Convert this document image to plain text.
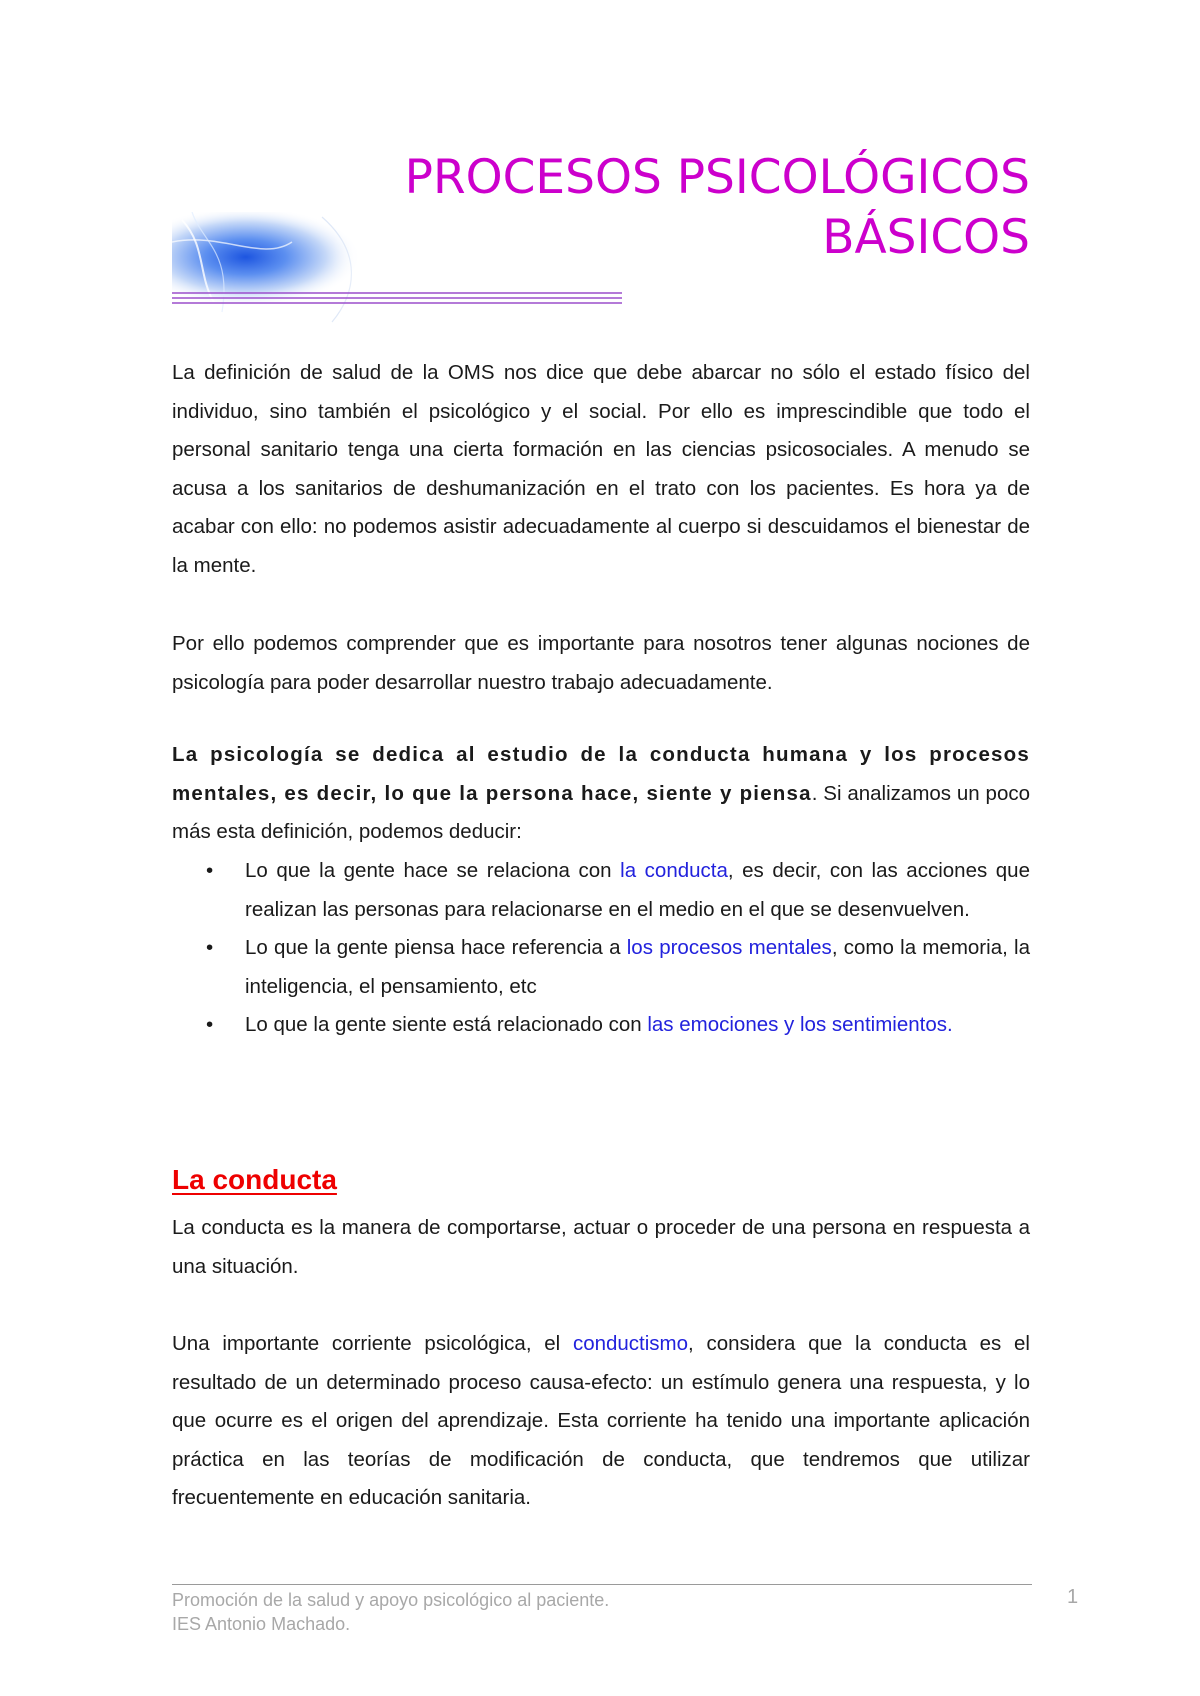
PROCESOS PSICOLÓGICOS
BÁSICOS

La definición de salud de la OMS nos dice que debe abarcar no sólo el estado físico del individuo, sino también el psicológico y el social. Por ello es imprescindible que todo el personal sanitario tenga una cierta formación en las ciencias psicosociales. A menudo se acusa a los sanitarios de deshumanización en el trato con los pacientes. Es hora ya de acabar con ello: no podemos asistir adecuadamente al cuerpo si descuidamos el bienestar de la mente.

Por ello podemos comprender que es importante para nosotros tener algunas nociones de psicología para poder desarrollar nuestro trabajo adecuadamente.

La psicología se dedica al estudio de la conducta humana y los procesos mentales, es decir, lo que la persona hace, siente y piensa. Si analizamos un poco más esta definición, podemos deducir:

• Lo que la gente hace se relaciona con la conducta, es decir, con las acciones que realizan las personas para relacionarse en el medio en el que se desenvuelven.
• Lo que la gente piensa hace referencia a los procesos mentales, como la memoria, la inteligencia, el pensamiento, etc
• Lo que la gente siente está relacionado con las emociones y los sentimientos.
La conducta

La conducta es la manera de comportarse, actuar o proceder de una persona en respuesta a una situación.

Una importante corriente psicológica, el conductismo, considera que la conducta es el resultado de un determinado proceso causa-efecto: un estímulo genera una respuesta, y lo que ocurre es el origen del aprendizaje. Esta corriente ha tenido una importante aplicación práctica en las teorías de modificación de conducta, que tendremos que utilizar frecuentemente en educación sanitaria.

Promoción de la salud y apoyo psicológico al paciente.
IES Antonio Machado.
1
